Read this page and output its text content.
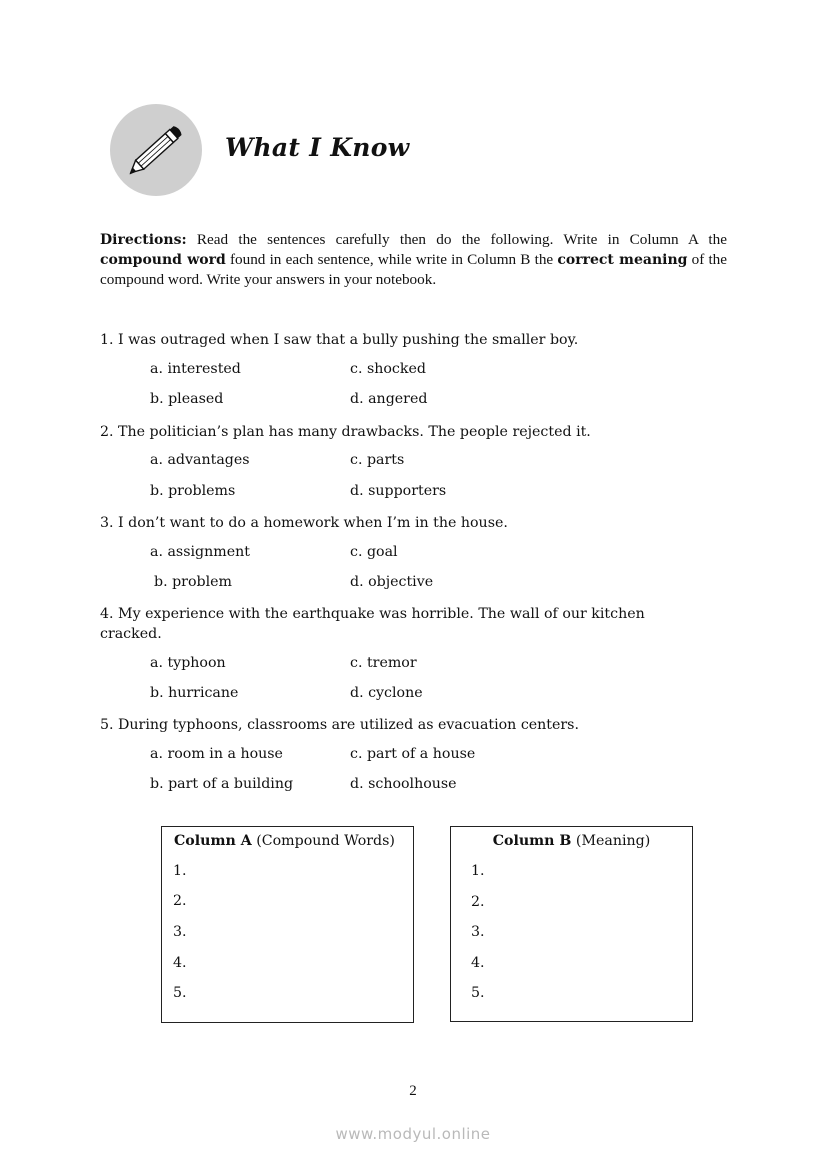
What I Know
Directions: Read the sentences carefully then do the following. Write in Column A the compound word found in each sentence, while write in Column B the correct meaning of the compound word. Write your answers in your notebook.
1. I was outraged when I saw that a bully pushing the smaller boy.
a. interested	c. shocked
b. pleased	d. angered
2. The politician’s plan has many drawbacks. The people rejected it.
a. advantages	c. parts
b. problems	d. supporters
3. I don’t want to do a homework when I’m in the house.
a. assignment	c. goal
b. problem	d. objective
4. My experience with the earthquake was horrible. The wall of our kitchen
cracked.
a. typhoon	c. tremor
b. hurricane	d. cyclone
5. During typhoons, classrooms are utilized as evacuation centers.
a. room in a house	c. part of a house
b. part of a building	d. schoolhouse
Column A (Compound Words)
1.
2.
3.
4.
5.
Column B (Meaning)
1.
2.
3.
4.
5.
2
www.modyul.online
